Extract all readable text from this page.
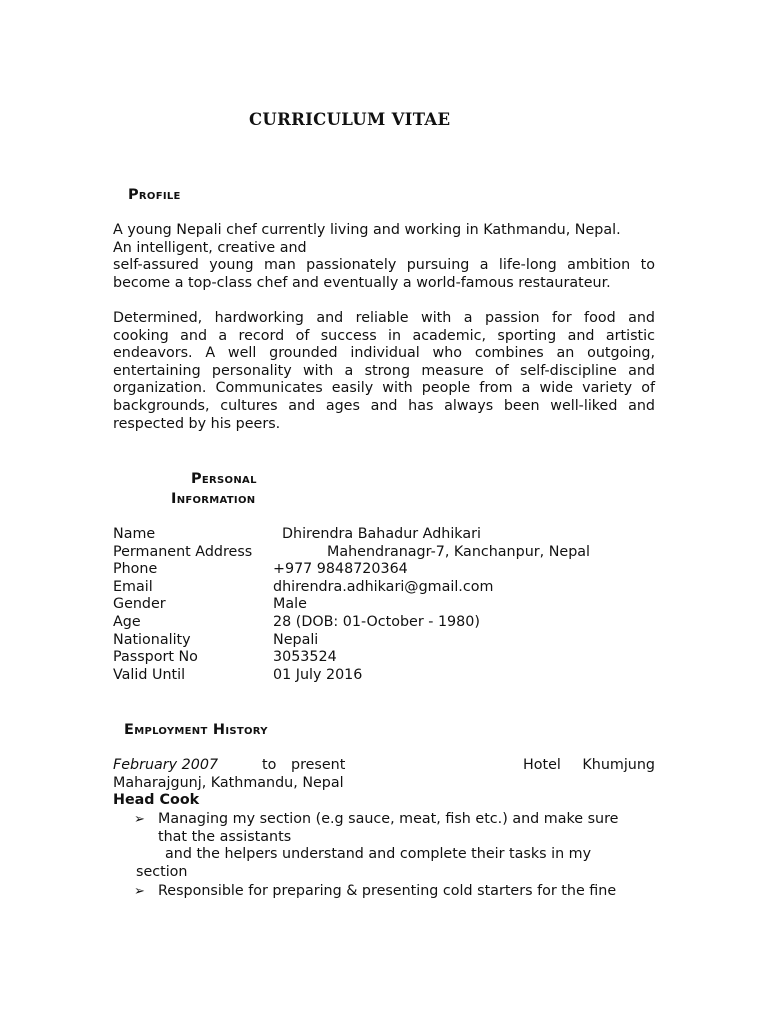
CURRICULUM VITAE
Profile
A young Nepali chef currently living and working in Kathmandu, Nepal.
An intelligent, creative and
self-assured young man passionately pursuing a life-long ambition to
become a top-class chef and eventually a world-famous restaurateur.
Determined, hardworking and reliable with a passion for food and
cooking and a record of success in academic, sporting and artistic
endeavors. A well grounded individual who combines an outgoing,
entertaining personality with a strong measure of self-discipline and
organization. Communicates easily with people from a wide variety of
backgrounds, cultures and ages and has always been well-liked and
respected by his peers.
Personal
Information
Name	Dhirendra Bahadur Adhikari
Permanent Address	Mahendranagr-7, Kanchanpur, Nepal
Phone	+977 9848720364
Email	dhirendra.adhikari@gmail.com
Gender	Male
Age	28 (DOB: 01-October - 1980)
Nationality	Nepali
Passport No	3053524
Valid Until	01 July 2016
Employment History
February 2007	to present	Hotel Khumjung
Maharajgunj, Kathmandu, Nepal
Head Cook
➢ Managing my section (e.g sauce, meat, fish etc.) and make sure
that the assistants
and the helpers understand and complete their tasks in my
section
➢ Responsible for preparing & presenting cold starters for the fine
